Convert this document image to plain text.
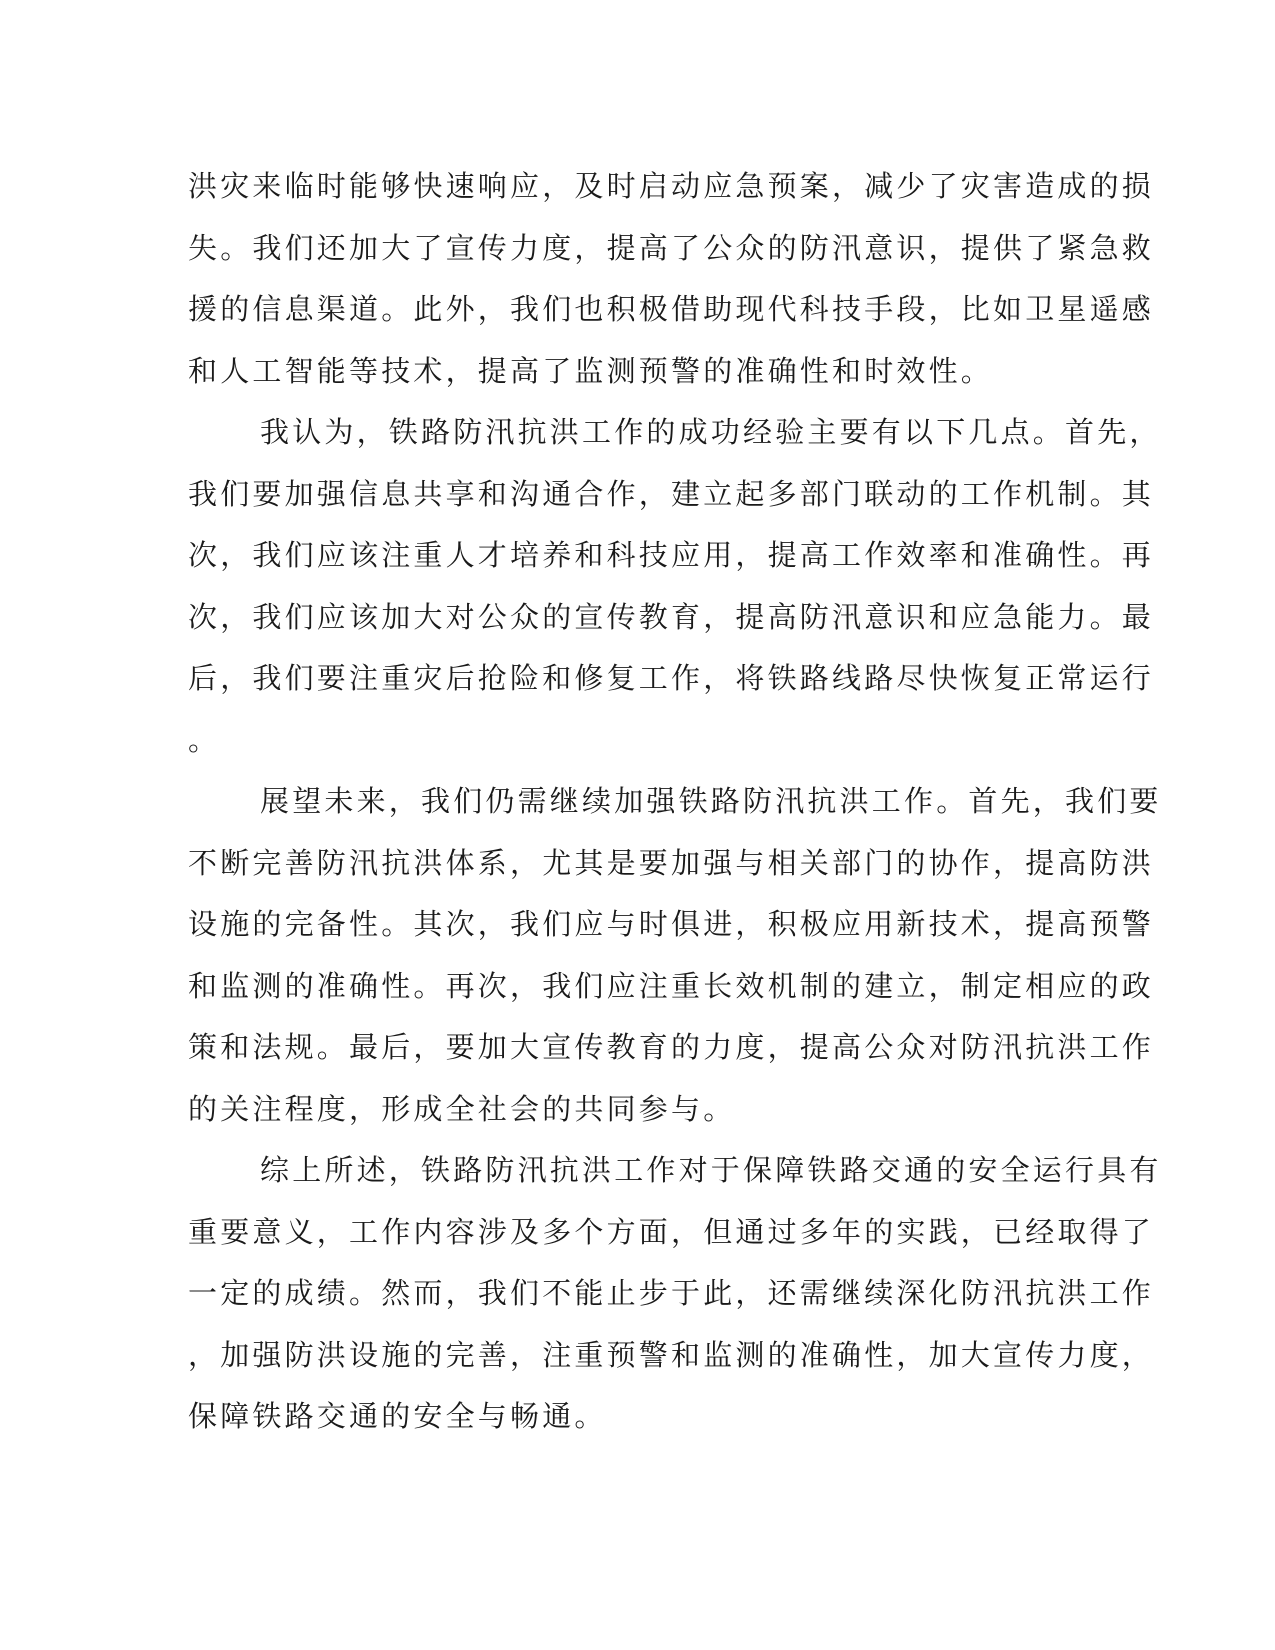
洪灾来临时能够快速响应，及时启动应急预案，减少了灾害造成的损
失。我们还加大了宣传力度，提高了公众的防汛意识，提供了紧急救
援的信息渠道。此外，我们也积极借助现代科技手段，比如卫星遥感
和人工智能等技术，提高了监测预警的准确性和时效性。
我认为，铁路防汛抗洪工作的成功经验主要有以下几点。首先，
我们要加强信息共享和沟通合作，建立起多部门联动的工作机制。其
次，我们应该注重人才培养和科技应用，提高工作效率和准确性。再
次，我们应该加大对公众的宣传教育，提高防汛意识和应急能力。最
后，我们要注重灾后抢险和修复工作，将铁路线路尽快恢复正常运行
。
展望未来，我们仍需继续加强铁路防汛抗洪工作。首先，我们要
不断完善防汛抗洪体系，尤其是要加强与相关部门的协作，提高防洪
设施的完备性。其次，我们应与时俱进，积极应用新技术，提高预警
和监测的准确性。再次，我们应注重长效机制的建立，制定相应的政
策和法规。最后，要加大宣传教育的力度，提高公众对防汛抗洪工作
的关注程度，形成全社会的共同参与。
综上所述，铁路防汛抗洪工作对于保障铁路交通的安全运行具有
重要意义，工作内容涉及多个方面，但通过多年的实践，已经取得了
一定的成绩。然而，我们不能止步于此，还需继续深化防汛抗洪工作
，加强防洪设施的完善，注重预警和监测的准确性，加大宣传力度，
保障铁路交通的安全与畅通。
